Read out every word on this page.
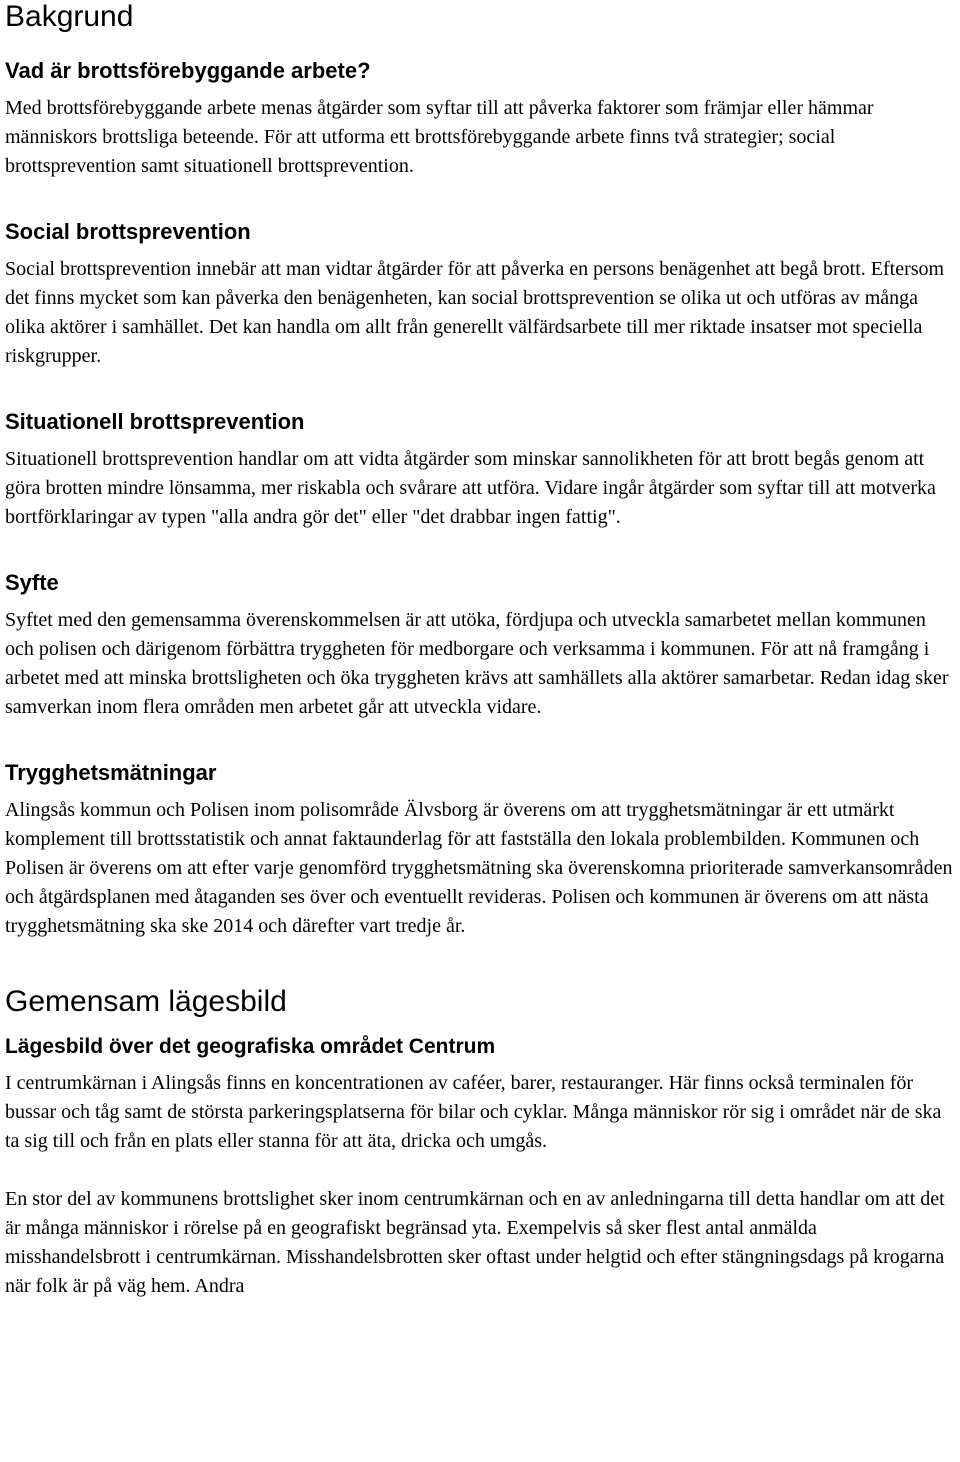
Bakgrund
Vad är brottsförebyggande arbete?

Med brottsförebyggande arbete menas åtgärder som syftar till att påverka faktorer som främjar eller hämmar människors brottsliga beteende. För att utforma ett brottsförebyggande arbete finns två strategier; social brottsprevention samt situationell brottsprevention.

Social brottsprevention

Social brottsprevention innebär att man vidtar åtgärder för att påverka en persons benägenhet att begå brott. Eftersom det finns mycket som kan påverka den benägenheten, kan social brottsprevention se olika ut och utföras av många olika aktörer i samhället. Det kan handla om allt från generellt välfärdsarbete till mer riktade insatser mot speciella riskgrupper.

Situationell brottsprevention

Situationell brottsprevention handlar om att vidta åtgärder som minskar sannolikheten för att brott begås genom att göra brotten mindre lönsamma, mer riskabla och svårare att utföra. Vidare ingår åtgärder som syftar till att motverka bortförklaringar av typen "alla andra gör det" eller "det drabbar ingen fattig".

Syfte

Syftet med den gemensamma överenskommelsen är att utöka, fördjupa och utveckla samarbetet mellan kommunen och polisen och därigenom förbättra tryggheten för medborgare och verksamma i kommunen. För att nå framgång i arbetet med att minska brottsligheten och öka tryggheten krävs att samhällets alla aktörer samarbetar. Redan idag sker samverkan inom flera områden men arbetet går att utveckla vidare.

Trygghetsmätningar

Alingsås kommun och Polisen inom polisområde Älvsborg är överens om att trygghetsmätningar är ett utmärkt komplement till brottsstatistik och annat faktaunderlag för att fastställa den lokala problembilden. Kommunen och Polisen är överens om att efter varje genomförd trygghetsmätning ska överenskomna prioriterade samverkansområden och åtgärdsplanen med åtaganden ses över och eventuellt revideras. Polisen och kommunen är överens om att nästa trygghetsmätning ska ske 2014 och därefter vart tredje år.

Gemensam lägesbild
Lägesbild över det geografiska området Centrum

I centrumkärnan i Alingsås finns en koncentrationen av caféer, barer, restauranger. Här finns också terminalen för bussar och tåg samt de största parkeringsplatserna för bilar och cyklar. Många människor rör sig i området när de ska ta sig till och från en plats eller stanna för att äta, dricka och umgås.

En stor del av kommunens brottslighet sker inom centrumkärnan och en av anledningarna till detta handlar om att det är många människor i rörelse på en geografiskt begränsad yta. Exempelvis så sker flest antal anmälda misshandelsbrott i centrumkärnan. Misshandelsbrotten sker oftast under helgtid och efter stängningsdags på krogarna när folk är på väg hem. Andra
